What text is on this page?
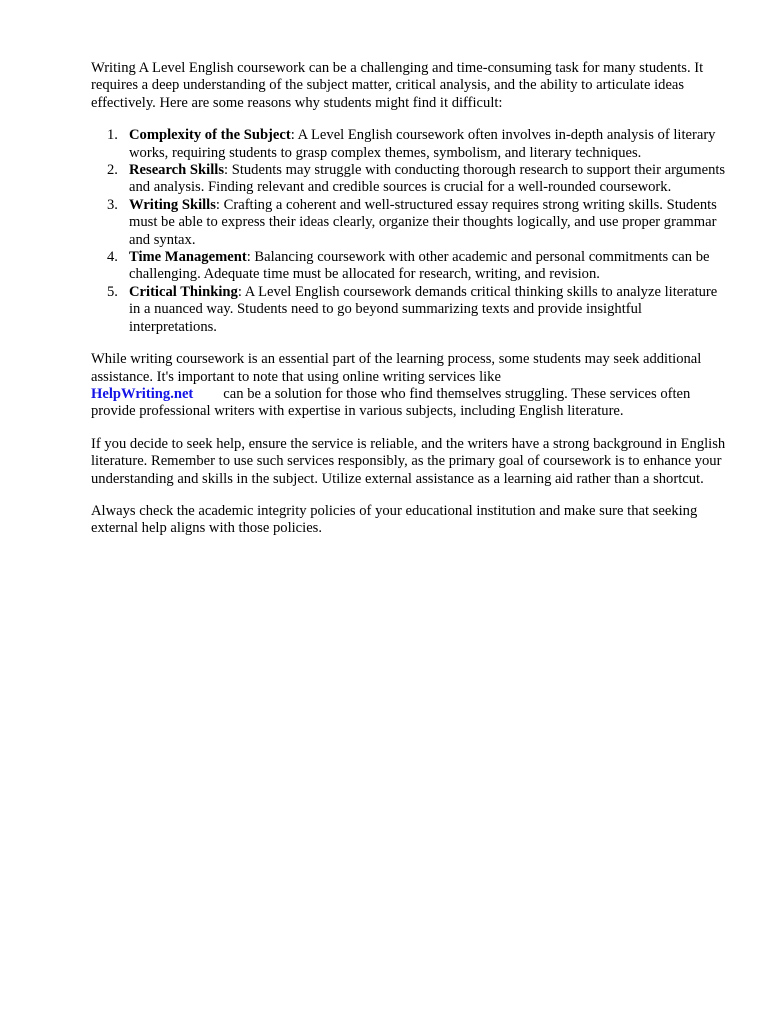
Writing A Level English coursework can be a challenging and time-consuming task for many students. It requires a deep understanding of the subject matter, critical analysis, and the ability to articulate ideas effectively. Here are some reasons why students might find it difficult:

1. Complexity of the Subject: A Level English coursework often involves in-depth analysis of literary works, requiring students to grasp complex themes, symbolism, and literary techniques.
2. Research Skills: Students may struggle with conducting thorough research to support their arguments and analysis. Finding relevant and credible sources is crucial for a well-rounded coursework.
3. Writing Skills: Crafting a coherent and well-structured essay requires strong writing skills. Students must be able to express their ideas clearly, organize their thoughts logically, and use proper grammar and syntax.
4. Time Management: Balancing coursework with other academic and personal commitments can be challenging. Adequate time must be allocated for research, writing, and revision.
5. Critical Thinking: A Level English coursework demands critical thinking skills to analyze literature in a nuanced way. Students need to go beyond summarizing texts and provide insightful interpretations.

While writing coursework is an essential part of the learning process, some students may seek additional assistance. It's important to note that using online writing services like
HelpWriting.net can be a solution for those who find themselves struggling. These services often provide professional writers with expertise in various subjects, including English literature.

If you decide to seek help, ensure the service is reliable, and the writers have a strong background in English literature. Remember to use such services responsibly, as the primary goal of coursework is to enhance your understanding and skills in the subject. Utilize external assistance as a learning aid rather than a shortcut.

Always check the academic integrity policies of your educational institution and make sure that seeking external help aligns with those policies.
